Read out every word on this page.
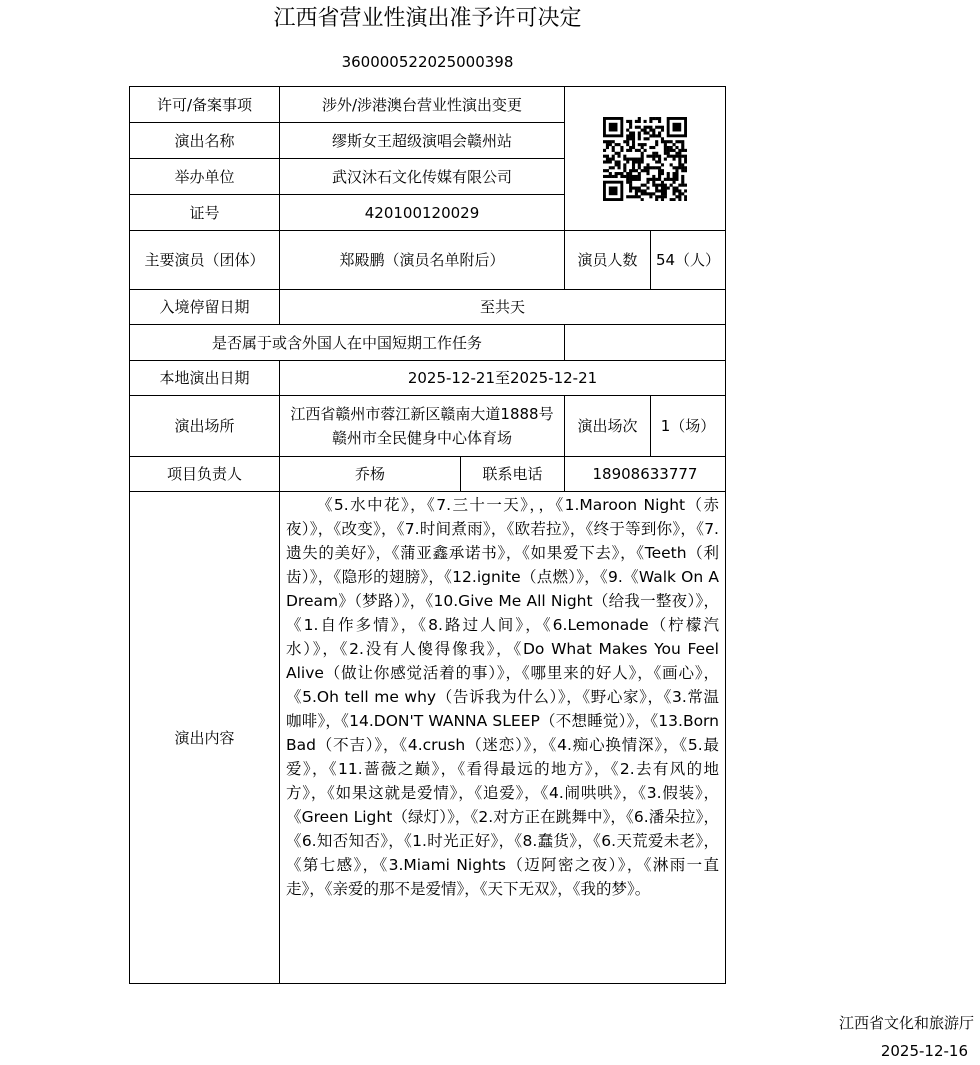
江西省营业性演出准予许可决定
360000522025000398
许可/备案事项	涉外/涉港澳台营业性演出变更	

演出名称	缪斯女王超级演唱会赣州站			
举办单位	武汉沐石文化传媒有限公司			
证号	420100120029			
主要演员（团体）	郑殿鹏（演员名单附后）		演员人数	54（人）
入境停留日期	至共天			
是否属于或含外国人在中国短期工作任务				
本地演出日期	2025-12-21至2025-12-21			
演出场所	江西省赣州市蓉江新区赣南大道1888号赣州市全民健身中心体育场		演出场次	1（场）
项目负责人	乔杨	联系电话	18908633777	
演出内容	《5.水中花》，《7.三十一天》，，《1.Maroon Night（赤夜）》，《改变》，《7.时间煮雨》，《欧若拉》，《终于等到你》，《7.遗失的美好》，《蒲亚鑫承诺书》，《如果爱下去》，《Teeth（利齿）》，《隐形的翅膀》，《12.ignite（点燃）》，《9.《Walk On A Dream》（梦路）》，《10.Give Me All Night（给我一整夜）》，《1.自作多情》，《8.路过人间》，《6.Lemonade（柠檬汽水）》，《2.没有人傻得像我》，《Do What Makes You Feel Alive（做让你感觉活着的事）》，《哪里来的好人》，《画心》，《5.Oh tell me why（告诉我为什么）》，《野心家》，《3.常温咖啡》，《14.DON'T WANNA SLEEP（不想睡觉）》，《13.Born Bad（不吉）》，《4.crush（迷恋）》，《4.痴心换情深》，《5.最爱》，《11.蔷薇之巅》，《看得最远的地方》，《2.去有风的地方》，《如果这就是爱情》，《追爱》，《4.闹哄哄》，《3.假装》，《Green Light（绿灯）》，《2.对方正在跳舞中》，《6.潘朵拉》，《6.知否知否》，《1.时光正好》，《8.蠢货》，《6.天荒爱未老》，《第七感》，《3.Miami Nights（迈阿密之夜）》，《淋雨一直走》，《亲爱的那不是爱情》，《天下无双》，《我的梦》。			
江西省文化和旅游厅
2025-12-16
